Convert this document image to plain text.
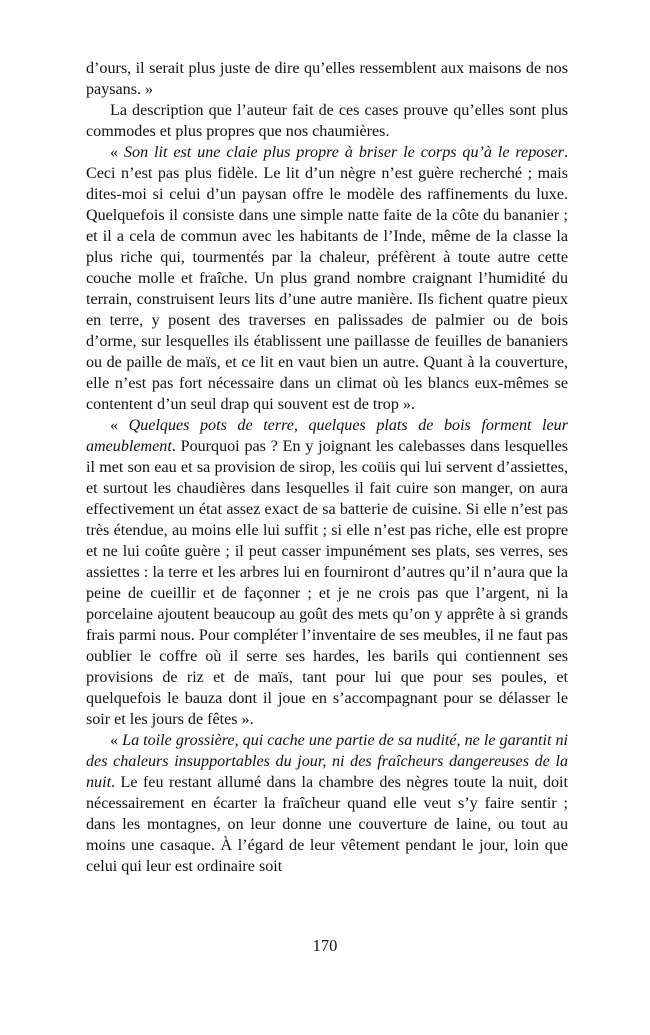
d’ours, il serait plus juste de dire qu’elles ressemblent aux maisons de nos paysans. »

La description que l’auteur fait de ces cases prouve qu’elles sont plus commodes et plus propres que nos chaumières.

« Son lit est une claie plus propre à briser le corps qu’à le reposer. Ceci n’est pas plus fidèle. Le lit d’un nègre n’est guère recherché ; mais dites-moi si celui d’un paysan offre le modèle des raffinements du luxe. Quelquefois il consiste dans une simple natte faite de la côte du bananier ; et il a cela de commun avec les habitants de l’Inde, même de la classe la plus riche qui, tourmentés par la chaleur, préfèrent à toute autre cette couche molle et fraîche. Un plus grand nombre craignant l’humidité du terrain, construisent leurs lits d’une autre manière. Ils fichent quatre pieux en terre, y posent des traverses en palissades de palmier ou de bois d’orme, sur lesquelles ils établissent une paillasse de feuilles de bananiers ou de paille de maïs, et ce lit en vaut bien un autre. Quant à la couverture, elle n’est pas fort nécessaire dans un climat où les blancs eux-mêmes se contentent d’un seul drap qui souvent est de trop ».

« Quelques pots de terre, quelques plats de bois forment leur ameublement. Pourquoi pas ? En y joignant les calebasses dans lesquelles il met son eau et sa provision de sirop, les coüis qui lui servent d’assiettes, et surtout les chaudières dans lesquelles il fait cuire son manger, on aura effectivement un état assez exact de sa batterie de cuisine. Si elle n’est pas très étendue, au moins elle lui suffit ; si elle n’est pas riche, elle est propre et ne lui coûte guère ; il peut casser impunément ses plats, ses verres, ses assiettes : la terre et les arbres lui en fourniront d’autres qu’il n’aura que la peine de cueillir et de façonner ; et je ne crois pas que l’argent, ni la porcelaine ajoutent beaucoup au goût des mets qu’on y apprête à si grands frais parmi nous. Pour compléter l’inventaire de ses meubles, il ne faut pas oublier le coffre où il serre ses hardes, les barils qui contiennent ses provisions de riz et de maïs, tant pour lui que pour ses poules, et quelquefois le bauza dont il joue en s’accompagnant pour se délasser le soir et les jours de fêtes ».

« La toile grossière, qui cache une partie de sa nudité, ne le garantit ni des chaleurs insupportables du jour, ni des fraîcheurs dangereuses de la nuit. Le feu restant allumé dans la chambre des nègres toute la nuit, doit nécessairement en écarter la fraîcheur quand elle veut s’y faire sentir ; dans les montagnes, on leur donne une couverture de laine, ou tout au moins une casaque. À l’égard de leur vêtement pendant le jour, loin que celui qui leur est ordinaire soit

170
